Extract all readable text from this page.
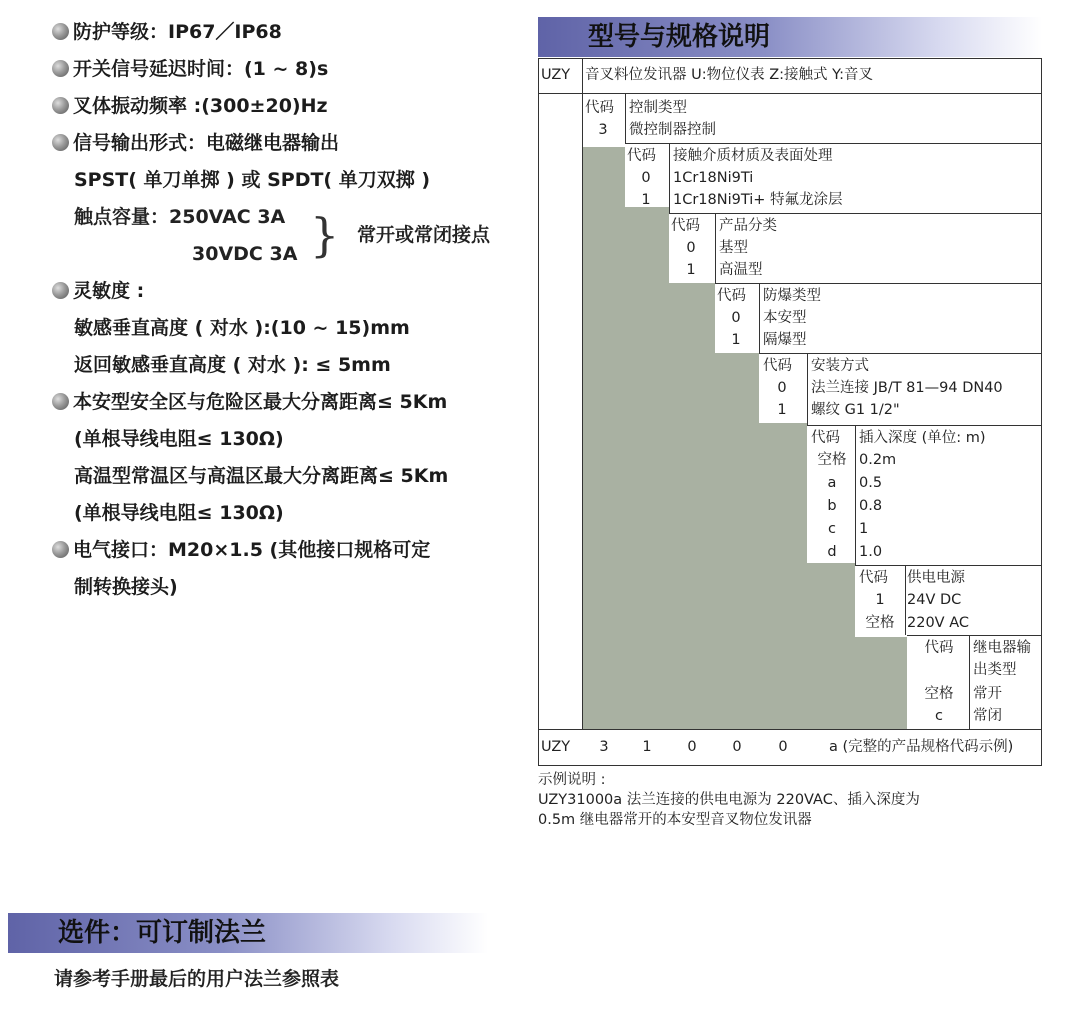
防护等级：IP67／IP68
开关信号延迟时间：(1 ~ 8)s
叉体振动频率 :(300±20)Hz
信号输出形式：电磁继电器输出
SPST( 单刀单掷 ) 或 SPDT( 单刀双掷 )
触点容量：250VAC 3A
30VDC 3A } 常开或常闭接点
灵敏度 :
敏感垂直高度 ( 对水 ):(10 ~ 15)mm
返回敏感垂直高度 ( 对水 ): ≤ 5mm
本安型安全区与危险区最大分离距离≤ 5Km
(单根导线电阻≤ 130Ω)
高温型常温区与高温区最大分离距离≤ 5Km
(单根导线电阻≤ 130Ω)
电气接口：M20×1.5 (其他接口规格可定
制转换接头)
型号与规格说明
UZY 音叉料位发讯器 U:物位仪表 Z:接触式 Y:音叉
代码 控制类型
3	微控制器控制
代码 接触介质材质及表面处理
0	1Cr18Ni9Ti
1	1Cr18Ni9Ti+ 特氟龙涂层
代码 产品分类
0	基型
1	高温型
代码 防爆类型
0	本安型
1	隔爆型
代码 安装方式
0	法兰连接 JB/T 81—94 DN40
1	螺纹 G1 1/2"
代码 插入深度 (单位: m)
空格 0.2m
a	0.5
b	0.8
c	1
d	1.0
代码 供电电源
1	24V DC
空格 220V AC
代码	继电器输
出类型
空格	常开
c	常闭
UZY	3	1	0	0	0	a (完整的产品规格代码示例)
示例说明 :
UZY31000a 法兰连接的供电电源为 220VAC、插入深度为
0.5m 继电器常开的本安型音叉物位发讯器
选件：可订制法兰
请参考手册最后的用户法兰参照表
